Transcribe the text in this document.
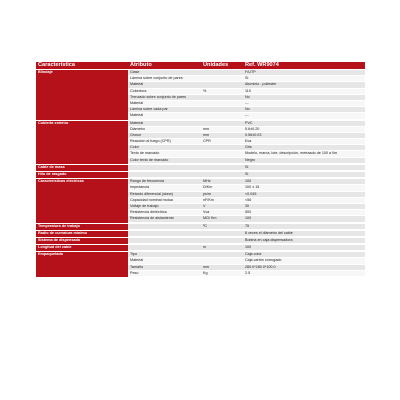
Característica	Atributo	Unidades	Ref. WR9074
Blindaje	Clase	F/UTP
Lámina sobre conjunto de pares	Si
Material	Aluminio - poliester
Cobertura	%	110
Trenzado sobre conjunto de pares	No
Material	---
Lámina sobre cada par	No
Material	---
Cubierta exterior	Material	PVC
Diámetro	mm	5.6±0.20
Grosor	mm	0.56±0.03
Reacción al fuego (CPR)	CPR	Eca
Color	Gris
Texto de marcado	Modelo, marca, lote, descripción, metraado de 100 a 0m
Color texto de marcado	Negro
Cable de masa	Si
Hilo de rasgado	Si
Características eléctricas	Rango de frecuencia	MHz	100
Impedancia	Ω/Km	100 ± 15
Retardo diferencial (skew)	ps/m	<0.045
Capacidad nominal mutua	nF/Km	<56
Voltaje de trabajo	V	30
Resistencia dieléctrica	Vca	500
Resistencia de aislamiento	MΩ/ Km	100
Temperatura de trabajo	ºC	75
Radio de curvatura mínimo	8 veces el diámetro del cable
Sistema de dispensado	Bobina en caja dispensadora
Longitud del cable	m	100
Empaquetado	Tipo	Caja color
Material	Caja cartón corrugado
Tamaño	mm	280.0*280.0*100.0
Peso	Kg	2.5
